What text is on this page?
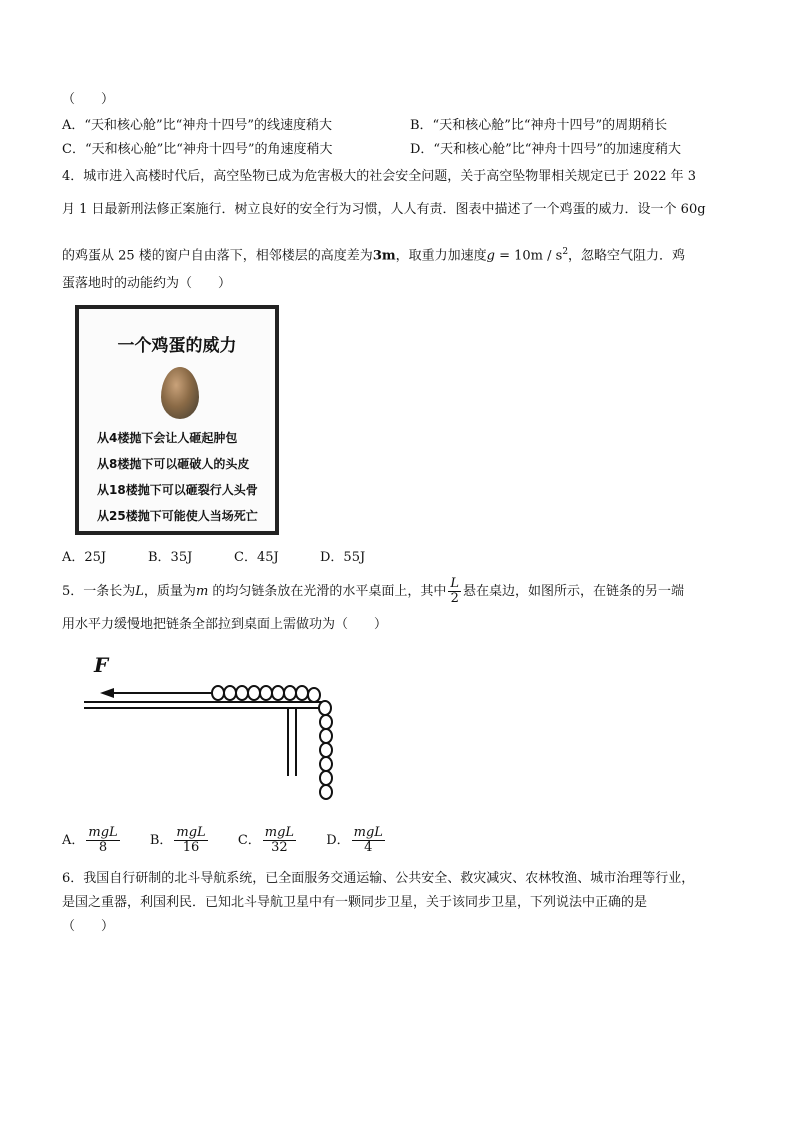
（　　）
A．“天和核心舱”比“神舟十四号”的线速度稍大	B．“天和核心舱”比“神舟十四号”的周期稍长
C．“天和核心舱”比“神舟十四号”的角速度稍大	D．“天和核心舱”比“神舟十四号”的加速度稍大
4．城市进入高楼时代后，高空坠物已成为危害极大的社会安全问题，关于高空坠物罪相关规定已于 2022 年 3
月 1 日最新刑法修正案施行．树立良好的安全行为习惯，人人有责．图表中描述了一个鸡蛋的威力．设一个 60g
的鸡蛋从 25 楼的窗户自由落下，相邻楼层的高度差为3m，取重力加速度$g = 10m / s^2$，忽略空气阻力．鸡
蛋落地时的动能约为（　　）
一个鸡蛋的威力
从4楼抛下会让人砸起肿包
从8楼抛下可以砸破人的头皮
从18楼抛下可以砸裂行人头骨
从25楼抛下可能使人当场死亡
A．25J	B．35J	C．45J	D．55J
5．一条长为L，质量为m 的均匀链条放在光滑的水平桌面上，其中 $\frac{L}{2}$ 悬在桌边，如图所示，在链条的另一端
用水平力缓慢地把链条全部拉到桌面上需做功为（　　）
F
A． $\frac{\text{mgL}}{8}$ B． $\frac{\text{mgL}}{16}$ C． $\frac{\text{mgL}}{32}$ D． $\frac{\text{mgL}}{4}$
6．我国自行研制的北斗导航系统，已全面服务交通运输、公共安全、救灾减灾、农林牧渔、城市治理等行业，
是国之重器，利国利民．已知北斗导航卫星中有一颗同步卫星，关于该同步卫星，下列说法中正确的是
（　　）
